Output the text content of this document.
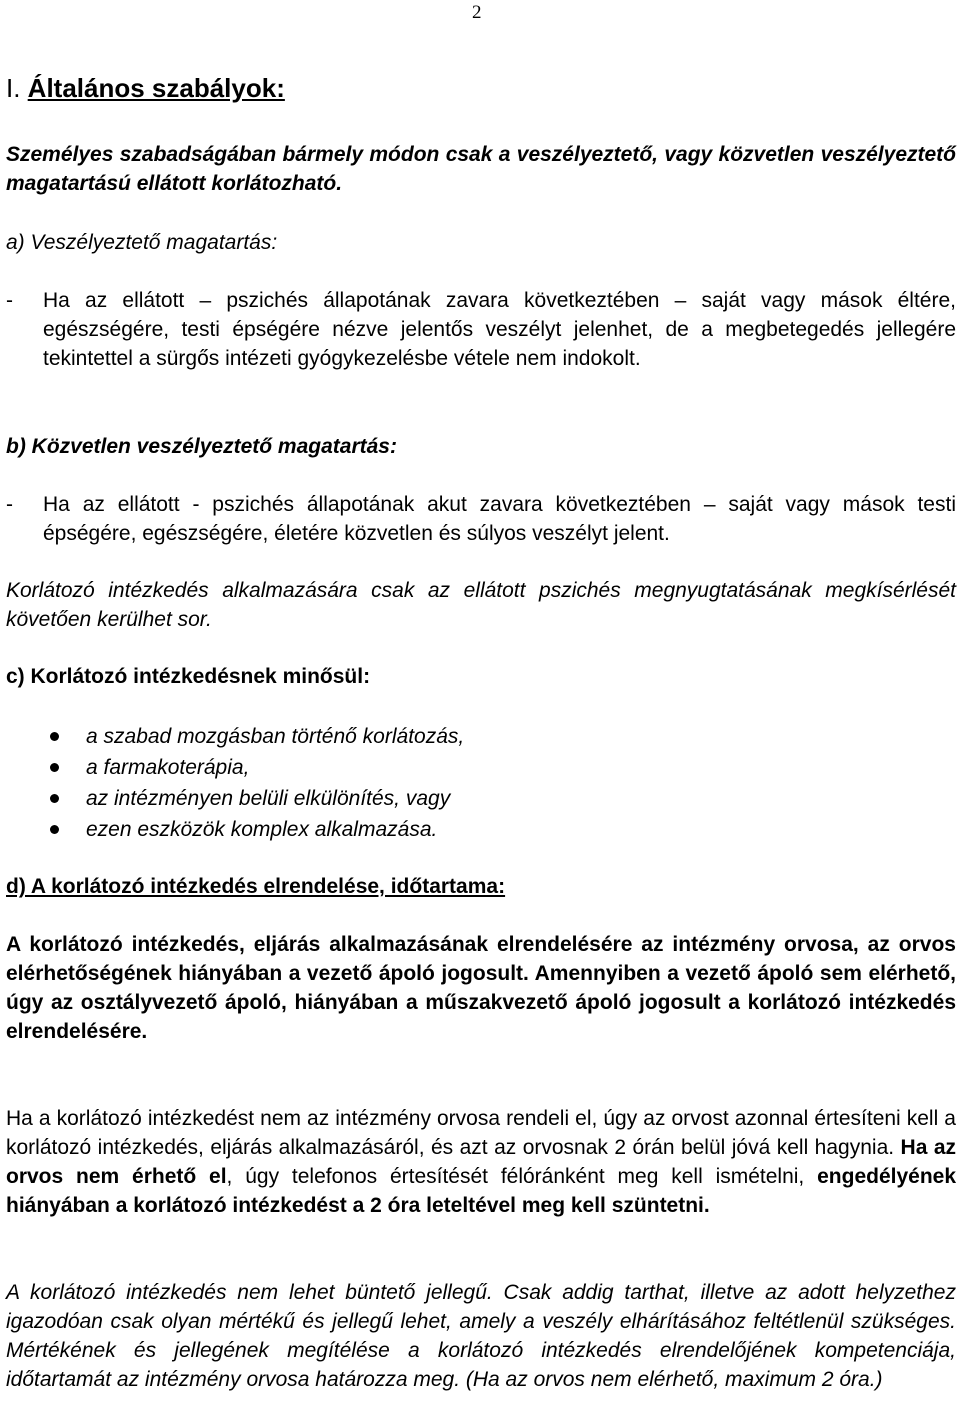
2
I. Általános szabályok:

Személyes szabadságában bármely módon csak a veszélyeztető, vagy közvetlen veszélyeztető magatartású ellátott korlátozható.

a) Veszélyeztető magatartás:

- Ha az ellátott – pszichés állapotának zavara következtében – saját vagy mások éltére, egészségére, testi épségére nézve jelentős veszélyt jelenhet, de a megbetegedés jellegére tekintettel a sürgős intézeti gyógykezelésbe vétele nem indokolt.

b) Közvetlen veszélyeztető magatartás:

- Ha az ellátott - pszichés állapotának akut zavara következtében – saját vagy mások testi épségére, egészségére, életére közvetlen és súlyos veszélyt jelent.

Korlátozó intézkedés alkalmazására csak az ellátott pszichés megnyugtatásának megkísérlését követően kerülhet sor.

c) Korlátozó intézkedésnek minősül:

a szabad mozgásban történő korlátozás,
a farmakoterápia,
az intézményen belüli elkülönítés, vagy
ezen eszközök komplex alkalmazása.

d) A korlátozó intézkedés elrendelése, időtartama:

A korlátozó intézkedés, eljárás alkalmazásának elrendelésére az intézmény orvosa, az orvos elérhetőségének hiányában a vezető ápoló jogosult. Amennyiben a vezető ápoló sem elérhető, úgy az osztályvezető ápoló, hiányában a műszakvezető ápoló jogosult a korlátozó intézkedés elrendelésére.

Ha a korlátozó intézkedést nem az intézmény orvosa rendeli el, úgy az orvost azonnal értesíteni kell a korlátozó intézkedés, eljárás alkalmazásáról, és azt az orvosnak 2 órán belül jóvá kell hagynia. Ha az orvos nem érhető el, úgy telefonos értesítését félóránként meg kell ismételni, engedélyének hiányában a korlátozó intézkedést a 2 óra leteltével meg kell szüntetni.

A korlátozó intézkedés nem lehet büntető jellegű. Csak addig tarthat, illetve az adott helyzethez igazodóan csak olyan mértékű és jellegű lehet, amely a veszély elhárításához feltétlenül szükséges. Mértékének és jellegének megítélése a korlátozó intézkedés elrendelőjének kompetenciája, időtartamát az intézmény orvosa határozza meg. (Ha az orvos nem elérhető, maximum 2 óra.)
